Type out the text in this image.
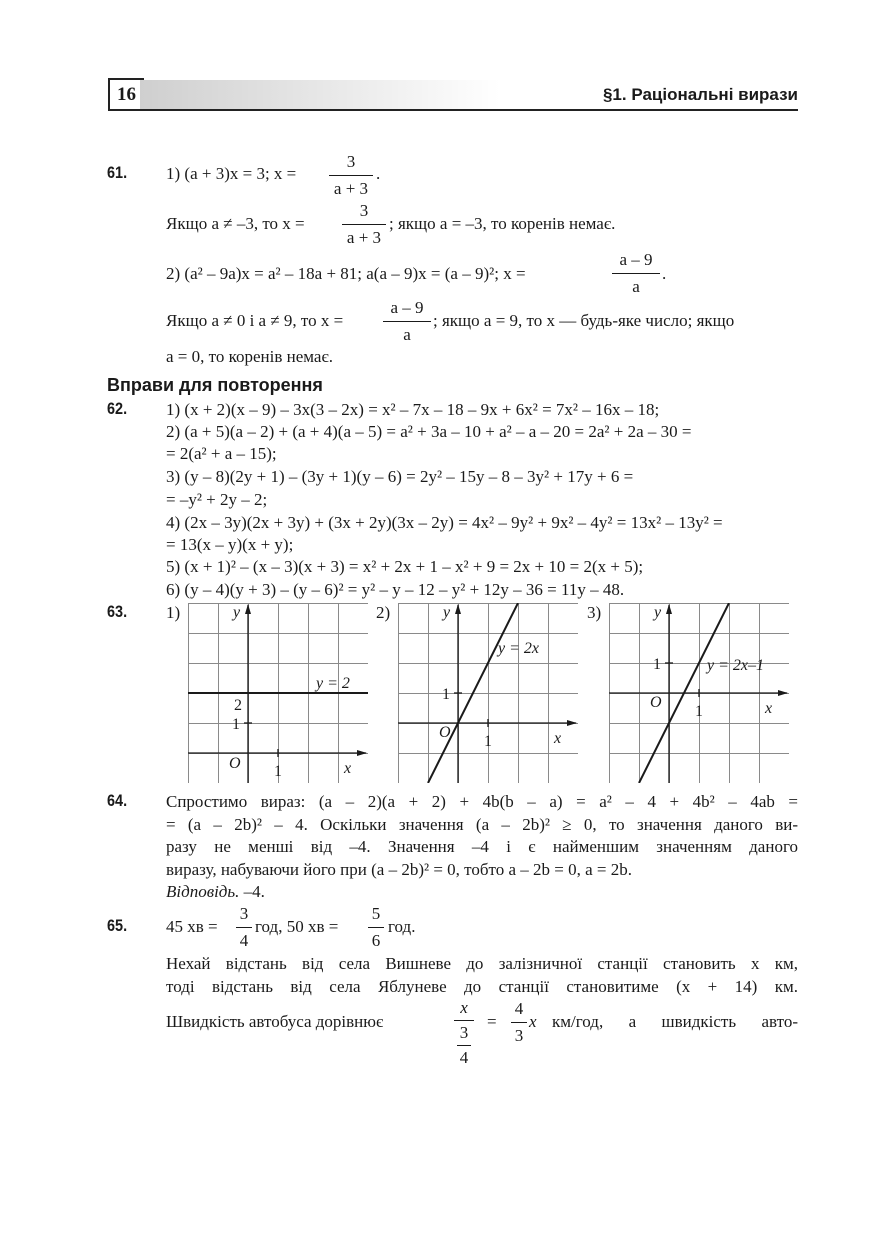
16	§1. Раціональні вирази
61. 1) (a + 3)x = 3; x =
3
a + 3
.
Якщо a ≠ –3, то x =
3
a + 3
; якщо a = –3, то коренів немає.
2) (a² – 9a)x = a² – 18a + 81; a(a – 9)x = (a – 9)²; x =
a – 9
a
.
Якщо a ≠ 0 і a ≠ 9, то x =
a – 9
a
; якщо a = 9, то x — будь-яке число; якщо
a = 0, то коренів немає.
Вправи для повторення
62. 1) (x + 2)(x – 9) – 3x(3 – 2x) = x² – 7x – 18 – 9x + 6x² = 7x² – 16x – 18;
2) (a + 5)(a – 2) + (a + 4)(a – 5) = a² + 3a – 10 + a² – a – 20 = 2a² + 2a – 30 =
= 2(a² + a – 15);
3) (y – 8)(2y + 1) – (3y + 1)(y – 6) = 2y² – 15y – 8 – 3y² + 17y + 6 =
= –y² + 2y – 2;
4) (2x – 3y)(2x + 3y) + (3x + 2y)(3x – 2y) = 4x² – 9y² + 9x² – 4y² = 13x² – 13y² =
= 13(x – y)(x + y);
5) (x + 1)² – (x – 3)(x + 3) = x² + 2x + 1 – x² + 9 = 2x + 10 = 2(x + 5);
6) (y – 4)(y + 3) – (y – 6)² = y² – y – 12 – y² + 12y – 36 = 11y – 48.
63. 1)	2)	3)
y
x
O 1
1
2
y = 2
y
x
O
1
1
y = 2x
y
x
O
1
1	y = 2x–1
64. Спростимо вираз: (a – 2)(a + 2) + 4b(b – a) = a² – 4 + 4b² – 4ab =
= (a – 2b)² – 4. Оскільки значення (a – 2b)² ≥ 0, то значення даного ви-
разу не менші від –4. Значення –4 і є найменшим значенням даного
виразу, набуваючи його при (a – 2b)² = 0, тобто a – 2b = 0, a = 2b.
Відповідь. –4.
65. 45 хв =
3
4
год, 50 хв =
5
6
год.
Нехай відстань від села Вишневе до залізничної станції становить x км,
тоді відстань від села Яблуневе до станції становитиме (x + 14) км.
Швидкість автобуса дорівнює
x
3
4
=
4
3
x км/год, а швидкість авто-
